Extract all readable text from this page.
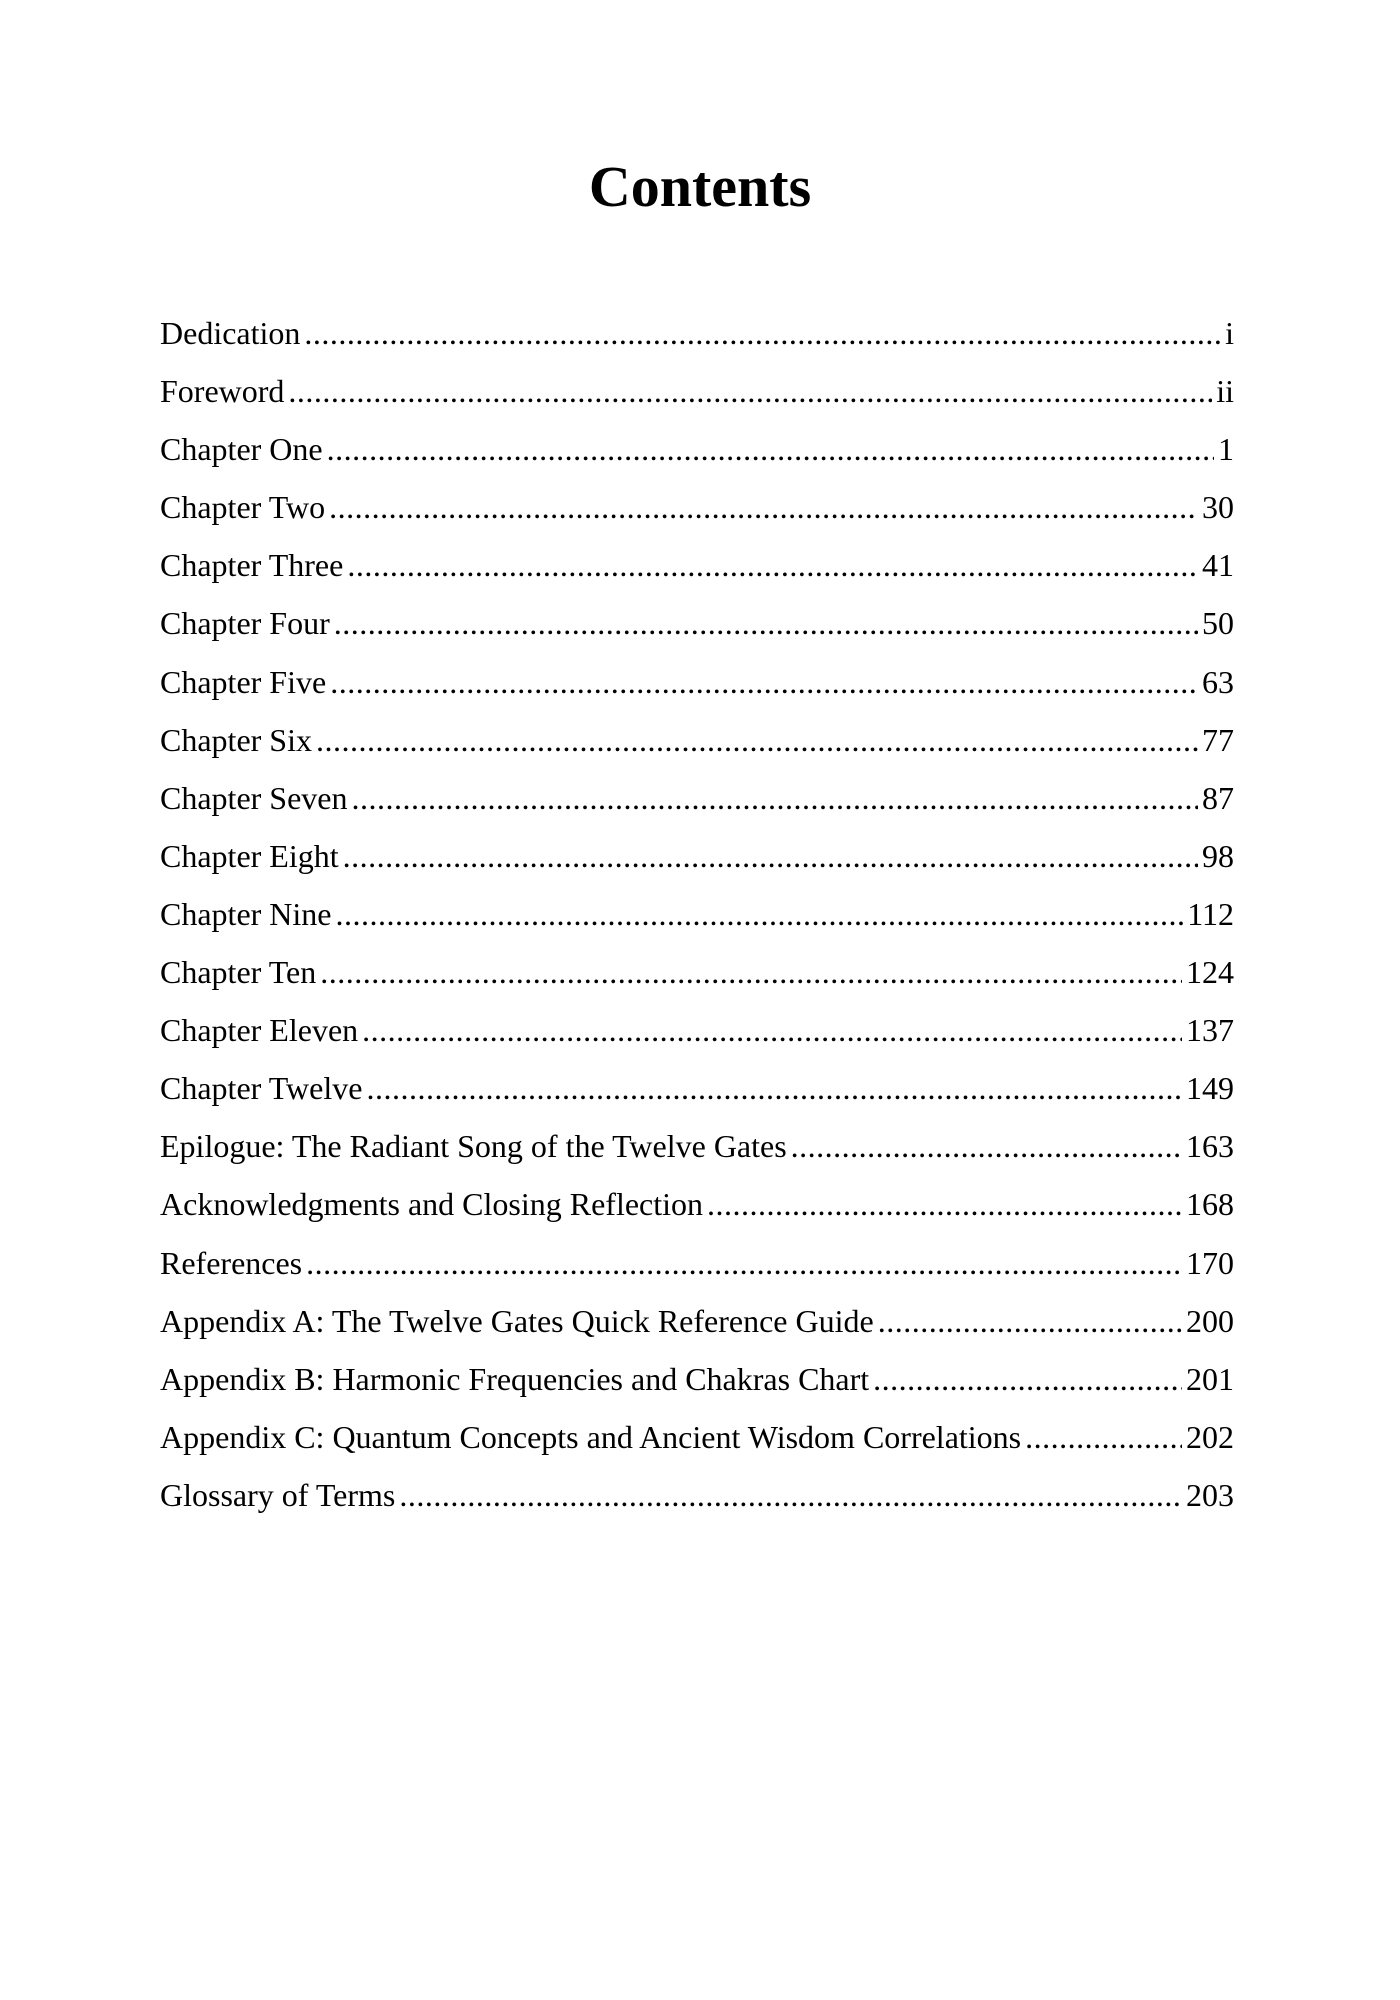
Contents
Dedication .....	i
Foreword .....	ii
Chapter One .....	1
Chapter Two .....	30
Chapter Three .....	41
Chapter Four .....	50
Chapter Five .....	63
Chapter Six .....	77
Chapter Seven .....	87
Chapter Eight .....	98
Chapter Nine .....	112
Chapter Ten .....	124
Chapter Eleven .....	137
Chapter Twelve .....	149
Epilogue: The Radiant Song of the Twelve Gates .....	163
Acknowledgments and Closing Reflection .....	168
References .....	170
Appendix A: The Twelve Gates Quick Reference Guide .....	200
Appendix B: Harmonic Frequencies and Chakras Chart .....	201
Appendix C: Quantum Concepts and Ancient Wisdom Correlations .....	202
Glossary of Terms .....	203
